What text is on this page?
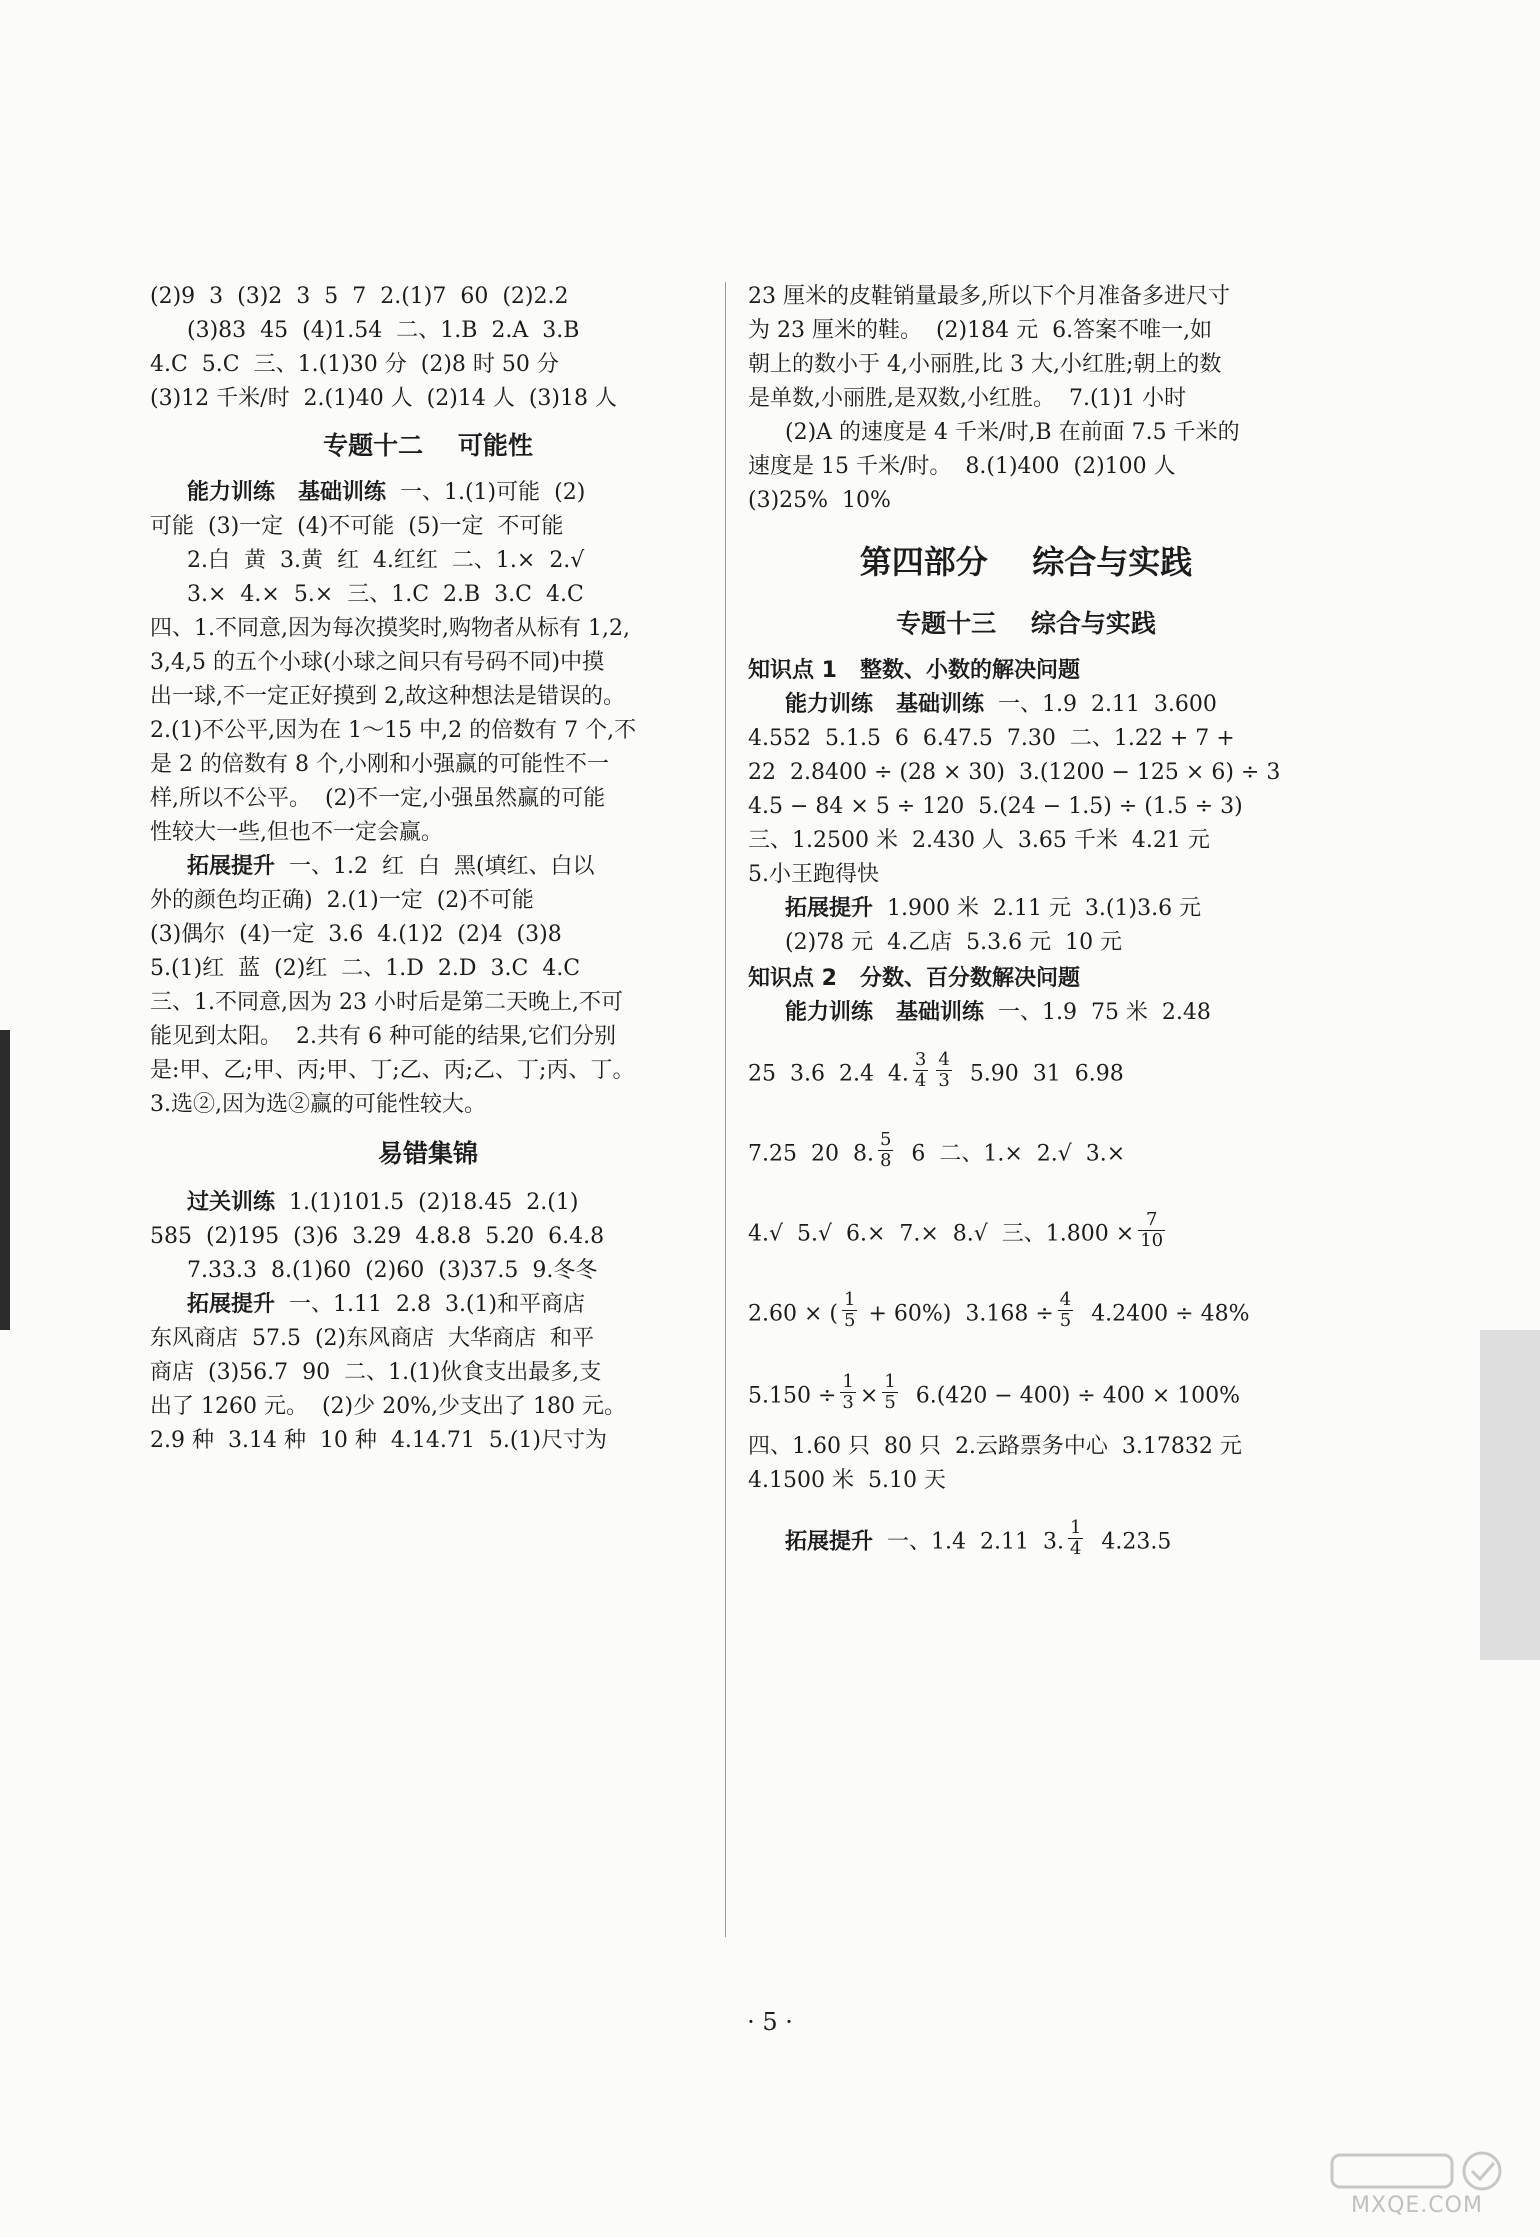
(2)9  3  (3)2  3  5  7  2.(1)7  60  (2)2.2
(3)83  45  (4)1.54  二、1.B  2.A  3.B
4.C  5.C  三、1.(1)30 分  (2)8 时 50 分
(3)12 千米/时  2.(1)40 人  (2)14 人  (3)18 人
专题十二    可能性
能力训练   基础训练  一、1.(1)可能  (2)
可能  (3)一定  (4)不可能  (5)一定  不可能
2.白  黄  3.黄  红  4.红红  二、1.×  2.√
3.×  4.×  5.×  三、1.C  2.B  3.C  4.C
四、1.不同意,因为每次摸奖时,购物者从标有 1,2,
3,4,5 的五个小球(小球之间只有号码不同)中摸
出一球,不一定正好摸到 2,故这种想法是错误的。
2.(1)不公平,因为在 1～15 中,2 的倍数有 7 个,不
是 2 的倍数有 8 个,小刚和小强赢的可能性不一
样,所以不公平。  (2)不一定,小强虽然赢的可能
性较大一些,但也不一定会赢。
拓展提升  一、1.2  红  白  黑(填红、白以
外的颜色均正确)  2.(1)一定  (2)不可能
(3)偶尔  (4)一定  3.6  4.(1)2  (2)4  (3)8
5.(1)红  蓝  (2)红  二、1.D  2.D  3.C  4.C
三、1.不同意,因为 23 小时后是第二天晚上,不可
能见到太阳。  2.共有 6 种可能的结果,它们分别
是:甲、乙;甲、丙;甲、丁;乙、丙;乙、丁;丙、丁。
3.选②,因为选②赢的可能性较大。
易错集锦
过关训练  1.(1)101.5  (2)18.45  2.(1)
585  (2)195  (3)6  3.29  4.8.8  5.20  6.4.8
7.33.3  8.(1)60  (2)60  (3)37.5  9.冬冬
拓展提升  一、1.11  2.8  3.(1)和平商店
东风商店  57.5  (2)东风商店  大华商店  和平
商店  (3)56.7  90  二、1.(1)伙食支出最多,支
出了 1260 元。  (2)少 20%,少支出了 180 元。
2.9 种  3.14 种  10 种  4.14.71  5.(1)尺寸为
23 厘米的皮鞋销量最多,所以下个月准备多进尺寸
为 23 厘米的鞋。  (2)184 元  6.答案不唯一,如
朝上的数小于 4,小丽胜,比 3 大,小红胜;朝上的数
是单数,小丽胜,是双数,小红胜。  7.(1)1 小时
(2)A 的速度是 4 千米/时,B 在前面 7.5 千米的
速度是 15 千米/时。  8.(1)400  (2)100 人
(3)25%  10%
第四部分    综合与实践
专题十三    综合与实践
知识点 1   整数、小数的解决问题
能力训练   基础训练  一、1.9  2.11  3.600
4.552  5.1.5  6  6.47.5  7.30  二、1.22 + 7 +
22  2.8400 ÷ (28 × 30)  3.(1200 − 125 × 6) ÷ 3
4.5 − 84 × 5 ÷ 120  5.(24 − 1.5) ÷ (1.5 ÷ 3)
三、1.2500 米  2.430 人  3.65 千米  4.21 元
5.小王跑得快
拓展提升  1.900 米  2.11 元  3.(1)3.6 元
(2)78 元  4.乙店  5.3.6 元  10 元
知识点 2   分数、百分数解决问题
能力训练   基础训练  一、1.9  75 米  2.48
25  3.6  2.4  4. $\frac{3}{4} \frac{4}{3} 5.90$  31  6.98
7.25  20  8. $\frac{5}{8} 6$  二、1.×  2.√  3.×
4.√  5.√  6.×  7.×  8.√  三、$1.800 \times \frac{7}{10}$
2.60 × ( $\frac{1}{5} + 60\%$)  $3.168 \div \frac{4}{5} 4.2400 \div 48\%$
$5.150 \div \frac{1}{3} \times \frac{1}{5} 6.(420 - 400) \div 400 \times 100\%$
四、1.60 只  80 只  2.云路票务中心  3.17832 元
4.1500 米  5.10 天
拓展提升  一、1.4  2.11  3. $\frac{1}{4} 4.23.5$
· 5 ·
MXQE.COM
